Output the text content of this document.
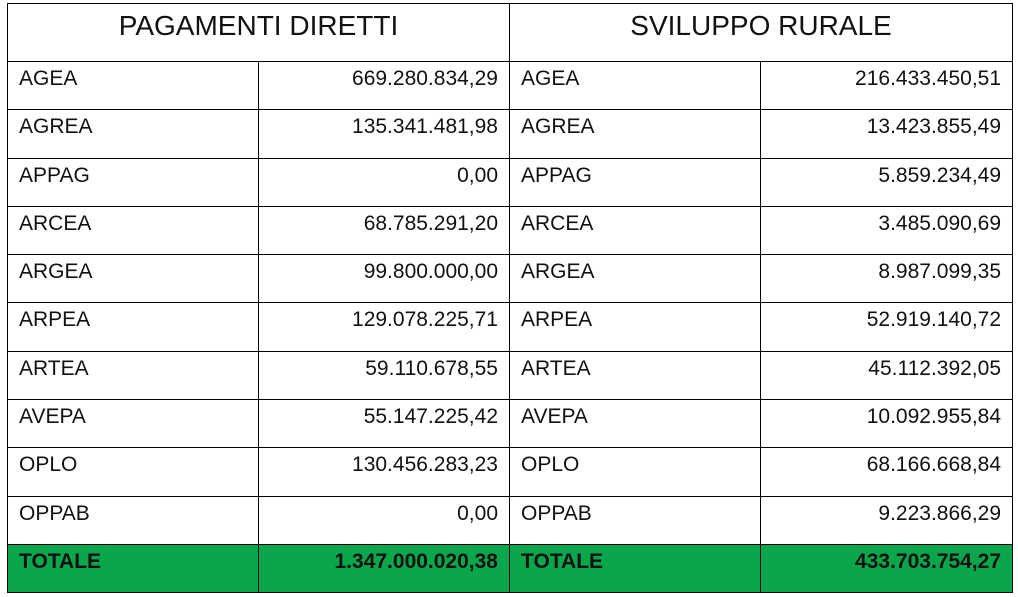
PAGAMENTI DIRETTI		SVILUPPO RURALE	
AGEA	669.280.834,29	AGEA	216.433.450,51
AGREA	135.341.481,98	AGREA	13.423.855,49
APPAG	0,00	APPAG	5.859.234,49
ARCEA	68.785.291,20	ARCEA	3.485.090,69
ARGEA	99.800.000,00	ARGEA	8.987.099,35
ARPEA	129.078.225,71	ARPEA	52.919.140,72
ARTEA	59.110.678,55	ARTEA	45.112.392,05
AVEPA	55.147.225,42	AVEPA	10.092.955,84
OPLO	130.456.283,23	OPLO	68.166.668,84
OPPAB	0,00	OPPAB	9.223.866,29
TOTALE	1.347.000.020,38	TOTALE	433.703.754,27
